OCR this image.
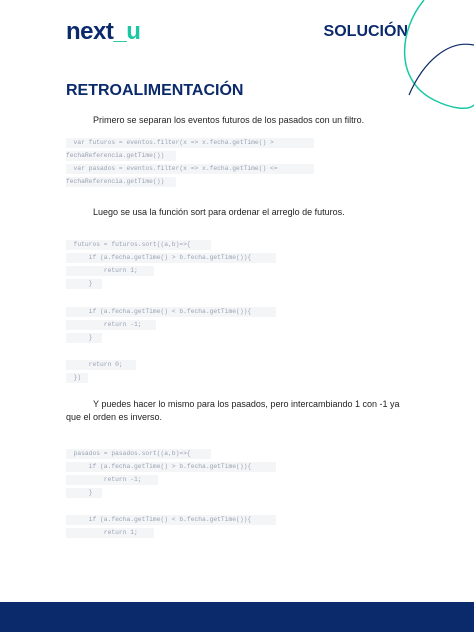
next_u	SOLUCIÓN
RETROALIMENTACIÓN
Primero se separan los eventos futuros de los pasados con un filtro.
var futuros = eventos.filter(x => x.fecha.getTime() >
fechaReferencia.getTime())
var pasados = eventos.filter(x => x.fecha.getTime() <=
fechaReferencia.getTime())
Luego se usa la función sort para ordenar el arreglo de futuros.
futuros = futuros.sort((a,b)=>{
if (a.fecha.getTime() > b.fecha.getTime()){
return 1;
}
if (a.fecha.getTime() < b.fecha.getTime()){
return -1;
}
return 0;
})
Y puedes hacer lo mismo para los pasados, pero intercambiando 1 con -1 ya que el orden es inverso.
pasados = pasados.sort((a,b)=>{
if (a.fecha.getTime() > b.fecha.getTime()){
return -1;
}
if (a.fecha.getTime() < b.fecha.getTime()){
return 1;
